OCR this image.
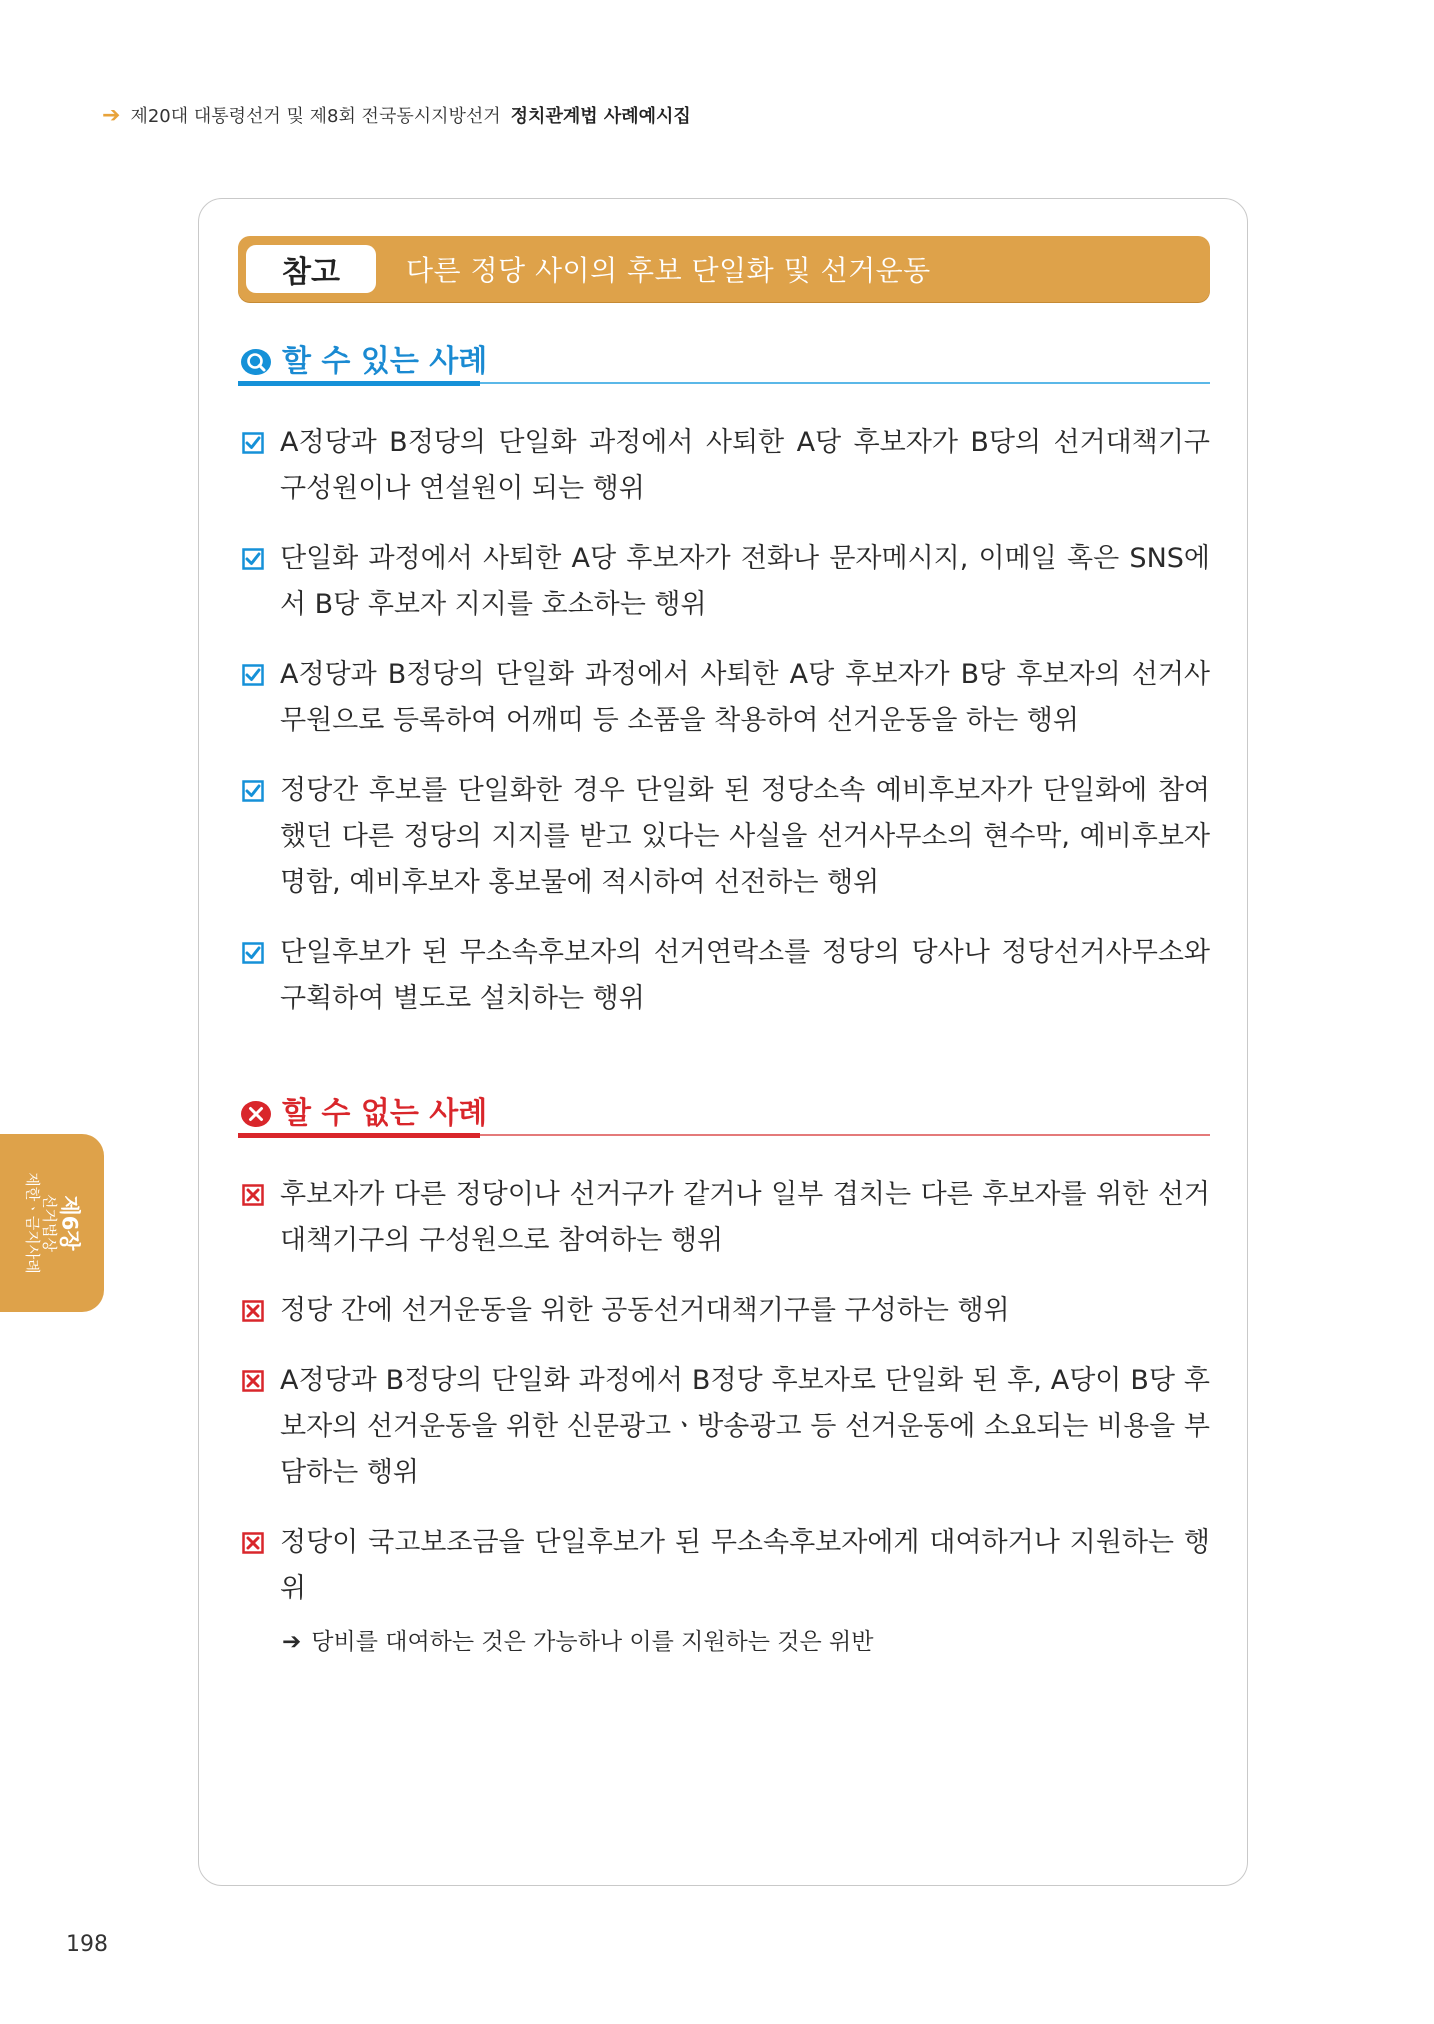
➔ 제20대 대통령선거 및 제8회 전국동시지방선거 정치관계법 사례예시집
참고	다른 정당 사이의 후보 단일화 및 선거운동
할 수 있는 사례
A정당과 B정당의 단일화 과정에서 사퇴한 A당 후보자가 B당의 선거대책기구 구성원이나 연설원이 되는 행위
단일화 과정에서 사퇴한 A당 후보자가 전화나 문자메시지, 이메일 혹은 SNS에서 B당 후보자 지지를 호소하는 행위
A정당과 B정당의 단일화 과정에서 사퇴한 A당 후보자가 B당 후보자의 선거사무원으로 등록하여 어깨띠 등 소품을 착용하여 선거운동을 하는 행위
정당간 후보를 단일화한 경우 단일화 된 정당소속 예비후보자가 단일화에 참여했던 다른 정당의 지지를 받고 있다는 사실을 선거사무소의 현수막, 예비후보자 명함, 예비후보자 홍보물에 적시하여 선전하는 행위
단일후보가 된 무소속후보자의 선거연락소를 정당의 당사나 정당선거사무소와 구획하여 별도로 설치하는 행위
할 수 없는 사례
후보자가 다른 정당이나 선거구가 같거나 일부 겹치는 다른 후보자를 위한 선거대책기구의 구성원으로 참여하는 행위
정당 간에 선거운동을 위한 공동선거대책기구를 구성하는 행위
A정당과 B정당의 단일화 과정에서 B정당 후보자로 단일화 된 후, A당이 B당 후보자의 선거운동을 위한 신문광고ㆍ방송광고 등 선거운동에 소요되는 비용을 부담하는 행위
정당이 국고보조금을 단일후보가 된 무소속후보자에게 대여하거나 지원하는 행위
➔ 당비를 대여하는 것은 가능하나 이를 지원하는 것은 위반
제6장
선거법상
제한ㆍ금지사례
198
